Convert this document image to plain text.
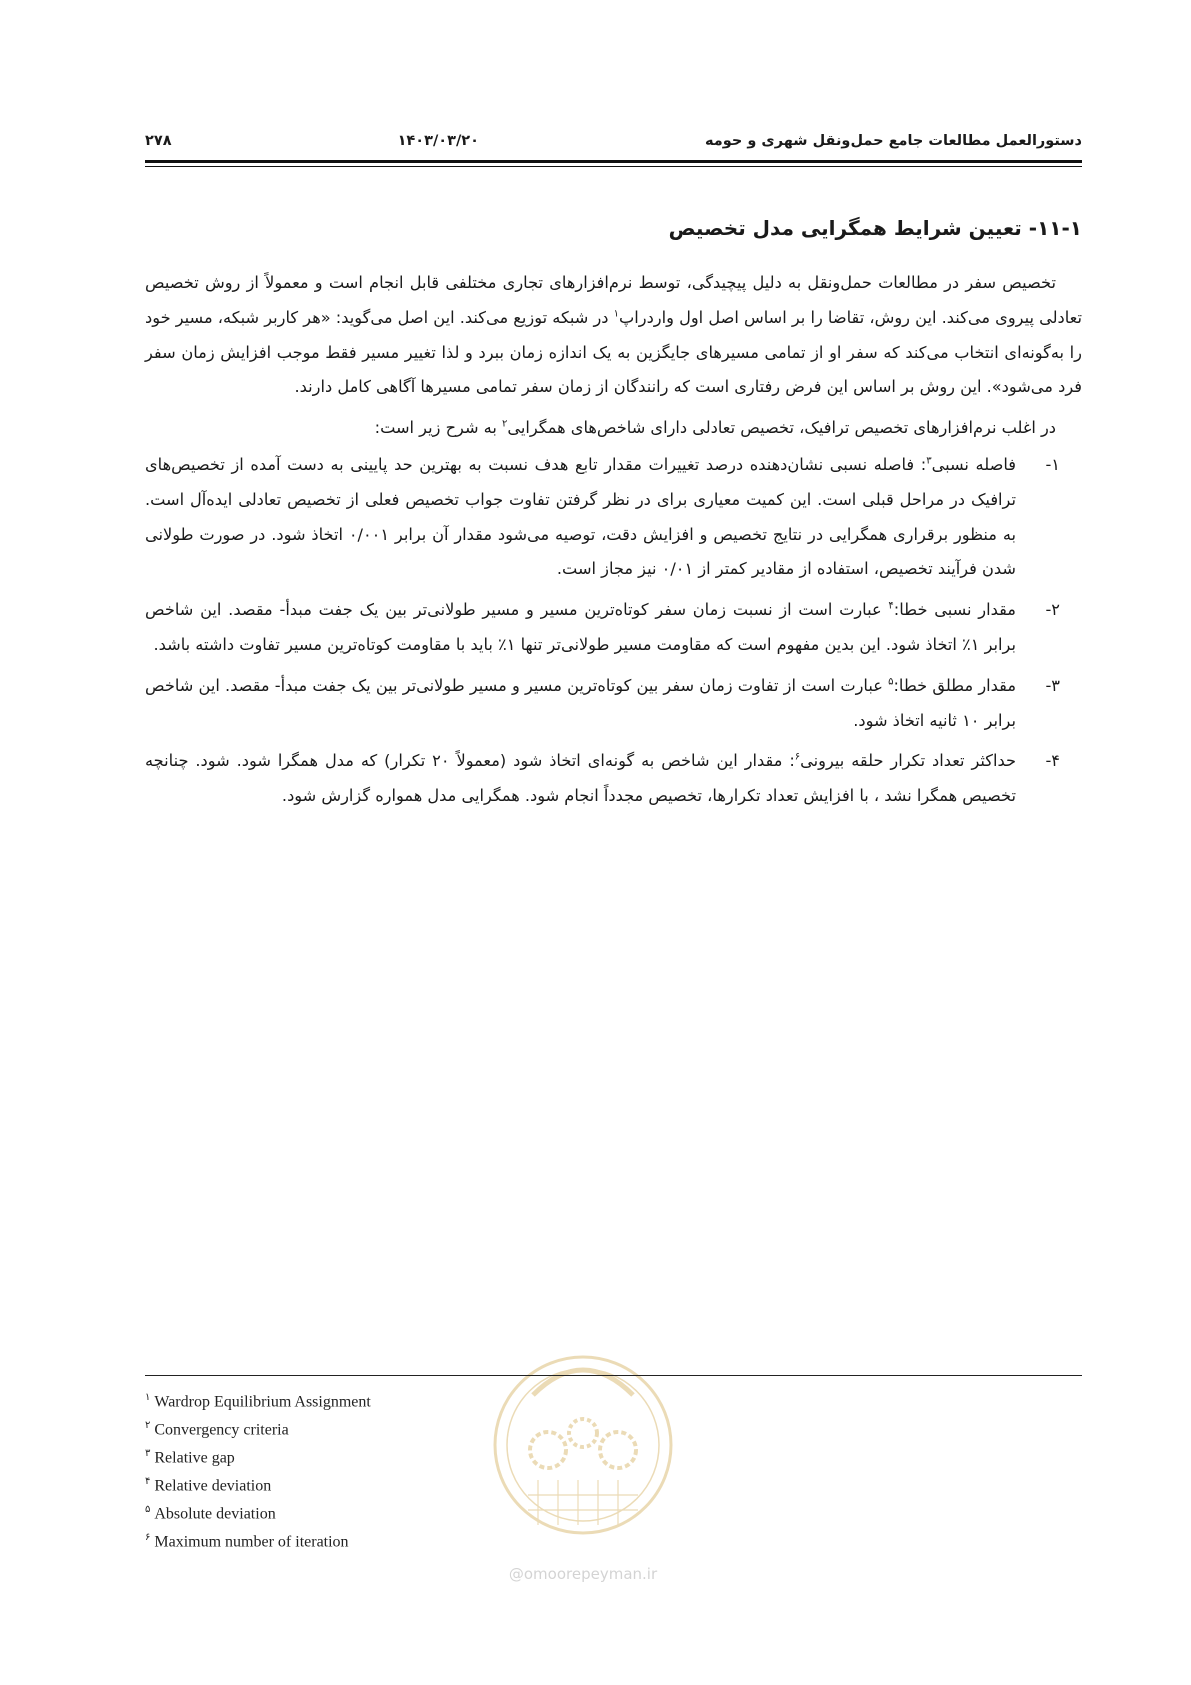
۲۷۸	۱۴۰۳/۰۳/۲۰	دستورالعمل مطالعات جامع حمل‌ونقل شهری و حومه
۱۱-۱- تعیین شرایط همگرایی مدل تخصیص

تخصیص سفر در مطالعات حمل‌ونقل به دلیل پیچیدگی، توسط نرم‌افزارهای تجاری مختلفی قابل انجام است و معمولاً از روش تخصیص تعادلی پیروی می‌کند. این روش، تقاضا را بر اساس اصل اول واردراپ$^۱$ در شبکه توزیع می‌کند. این اصل می‌گوید: «هر کاربر شبکه، مسیر خود را به‌گونه‌ای انتخاب می‌کند که سفر او از تمامی مسیرهای جایگزین به یک اندازه زمان ببرد و لذا تغییر مسیر فقط موجب افزایش زمان سفر فرد می‌شود». این روش بر اساس این فرض رفتاری است که رانندگان از زمان سفر تمامی مسیرها آگاهی کامل دارند.

در اغلب نرم‌افزارهای تخصیص ترافیک، تخصیص تعادلی دارای شاخص‌های همگرایی$^۲$ به شرح زیر است:

۱-
فاصله نسبی$^۳$: فاصله نسبی نشان‌دهنده درصد تغییرات مقدار تابع هدف نسبت به بهترین حد پایینی به دست آمده از تخصیص‌های ترافیک در مراحل قبلی است. این کمیت معیاری برای در نظر گرفتن تفاوت جواب تخصیص فعلی از تخصیص تعادلی ایده‌آل است. به منظور برقراری همگرایی در نتایج تخصیص و افزایش دقت، توصیه می‌شود مقدار آن برابر ۰/۰۰۱ اتخاذ شود. در صورت طولانی شدن فرآیند تخصیص، استفاده از مقادیر کمتر از ۰/۰۱ نیز مجاز است.
۲-
مقدار نسبی خطا:$^۴$ عبارت است از نسبت زمان سفر کوتاه‌ترین مسیر و مسیر طولانی‌تر بین یک جفت مبدأ- مقصد. این شاخص برابر ۱٪ اتخاذ شود. این بدین مفهوم است که مقاومت مسیر طولانی‌تر تنها ۱٪ باید با مقاومت کوتاه‌ترین مسیر تفاوت داشته باشد.
۳-
مقدار مطلق خطا:$^۵$ عبارت است از تفاوت زمان سفر بین کوتاه‌ترین مسیر و مسیر طولانی‌تر بین یک جفت مبدأ- مقصد. این شاخص برابر ۱۰ ثانیه اتخاذ شود.
۴-
حداکثر تعداد تکرار حلقه بیرونی$^۶$: مقدار این شاخص به گونه‌ای اتخاذ شود (معمولاً ۲۰ تکرار) که مدل همگرا شود. شود. چنانچه تخصیص همگرا نشد ، با افزایش تعداد تکرارها، تخصیص مجدداً انجام شود. همگرایی مدل همواره گزارش شود.
@omoorepeyman.ir
$^۱$ Wardrop Equilibrium Assignment
$^۲$ Convergency criteria
$^۳$ Relative gap
$^۴$ Relative deviation
$^۵$ Absolute deviation
$^۶$ Maximum number of iteration
